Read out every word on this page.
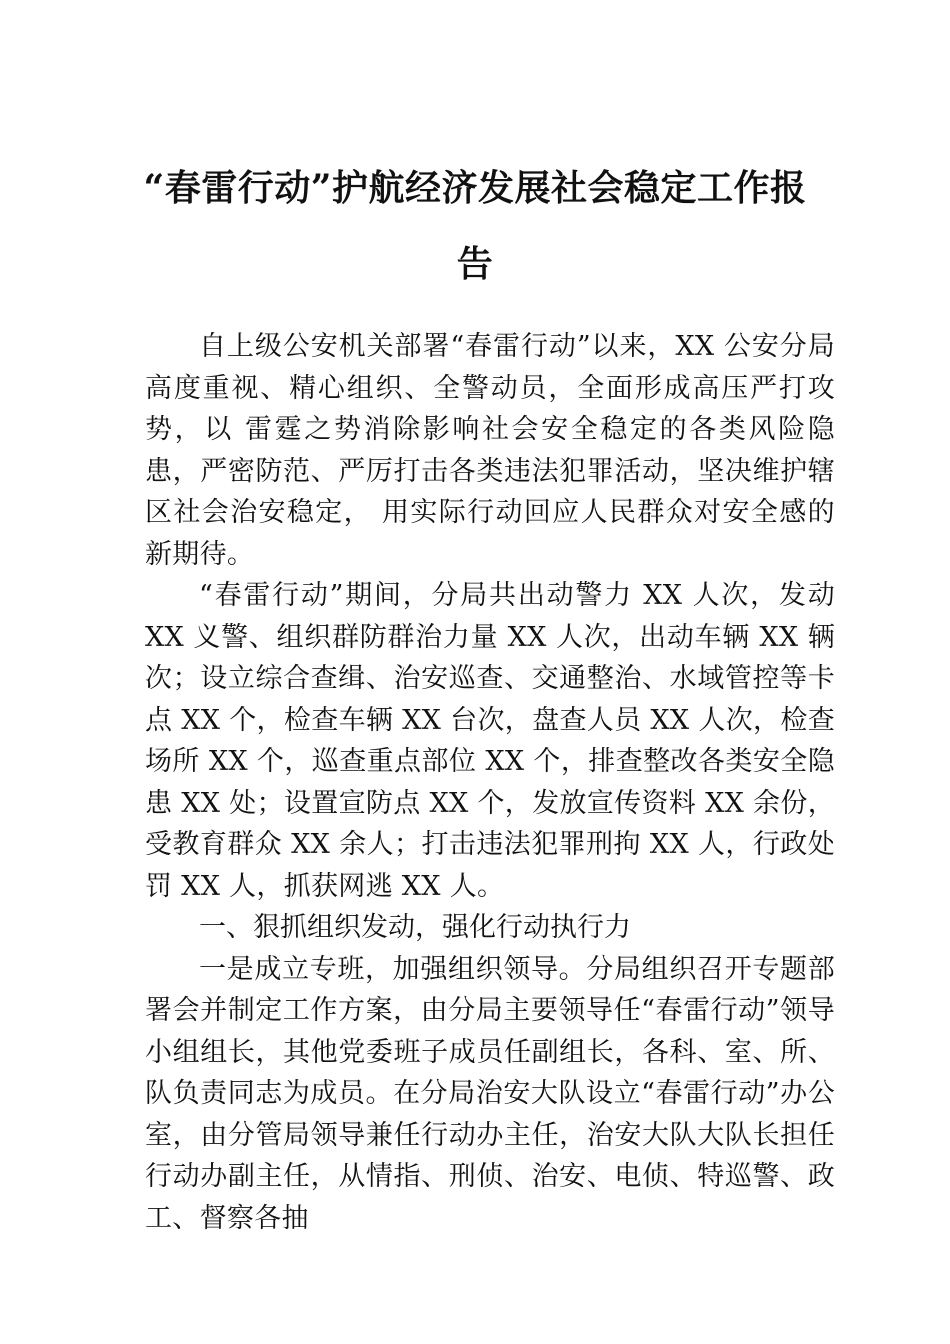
“春雷行动”护航经济发展社会稳定工作报告

自上级公安机关部署“春雷行动”以来，XX 公安分局高度重视、精心组织、全警动员，全面形成高压严打攻势，以 雷霆之势消除影响社会安全稳定的各类风险隐患，严密防范、严厉打击各类违法犯罪活动，坚决维护辖区社会治安稳定， 用实际行动回应人民群众对安全感的新期待。

“春雷行动”期间，分局共出动警力 XX 人次，发动 XX 义警、组织群防群治力量 XX 人次，出动车辆 XX 辆次；设立综合查缉、治安巡查、交通整治、水域管控等卡点 XX 个，检查车辆 XX 台次，盘查人员 XX 人次，检查场所 XX 个，巡查重点部位 XX 个，排查整改各类安全隐患 XX 处；设置宣防点 XX 个，发放宣传资料 XX 余份，受教育群众 XX 余人；打击违法犯罪刑拘 XX 人，行政处罚 XX 人，抓获网逃 XX 人。

一、狠抓组织发动，强化行动执行力

一是成立专班，加强组织领导。分局组织召开专题部署会并制定工作方案，由分局主要领导任“春雷行动”领导小组组长，其他党委班子成员任副组长，各科、室、所、队负责同志为成员。在分局治安大队设立“春雷行动”办公室，由分管局领导兼任行动办主任，治安大队大队长担任行动办副主任，从情指、刑侦、治安、电侦、特巡警、政工、督察各抽
